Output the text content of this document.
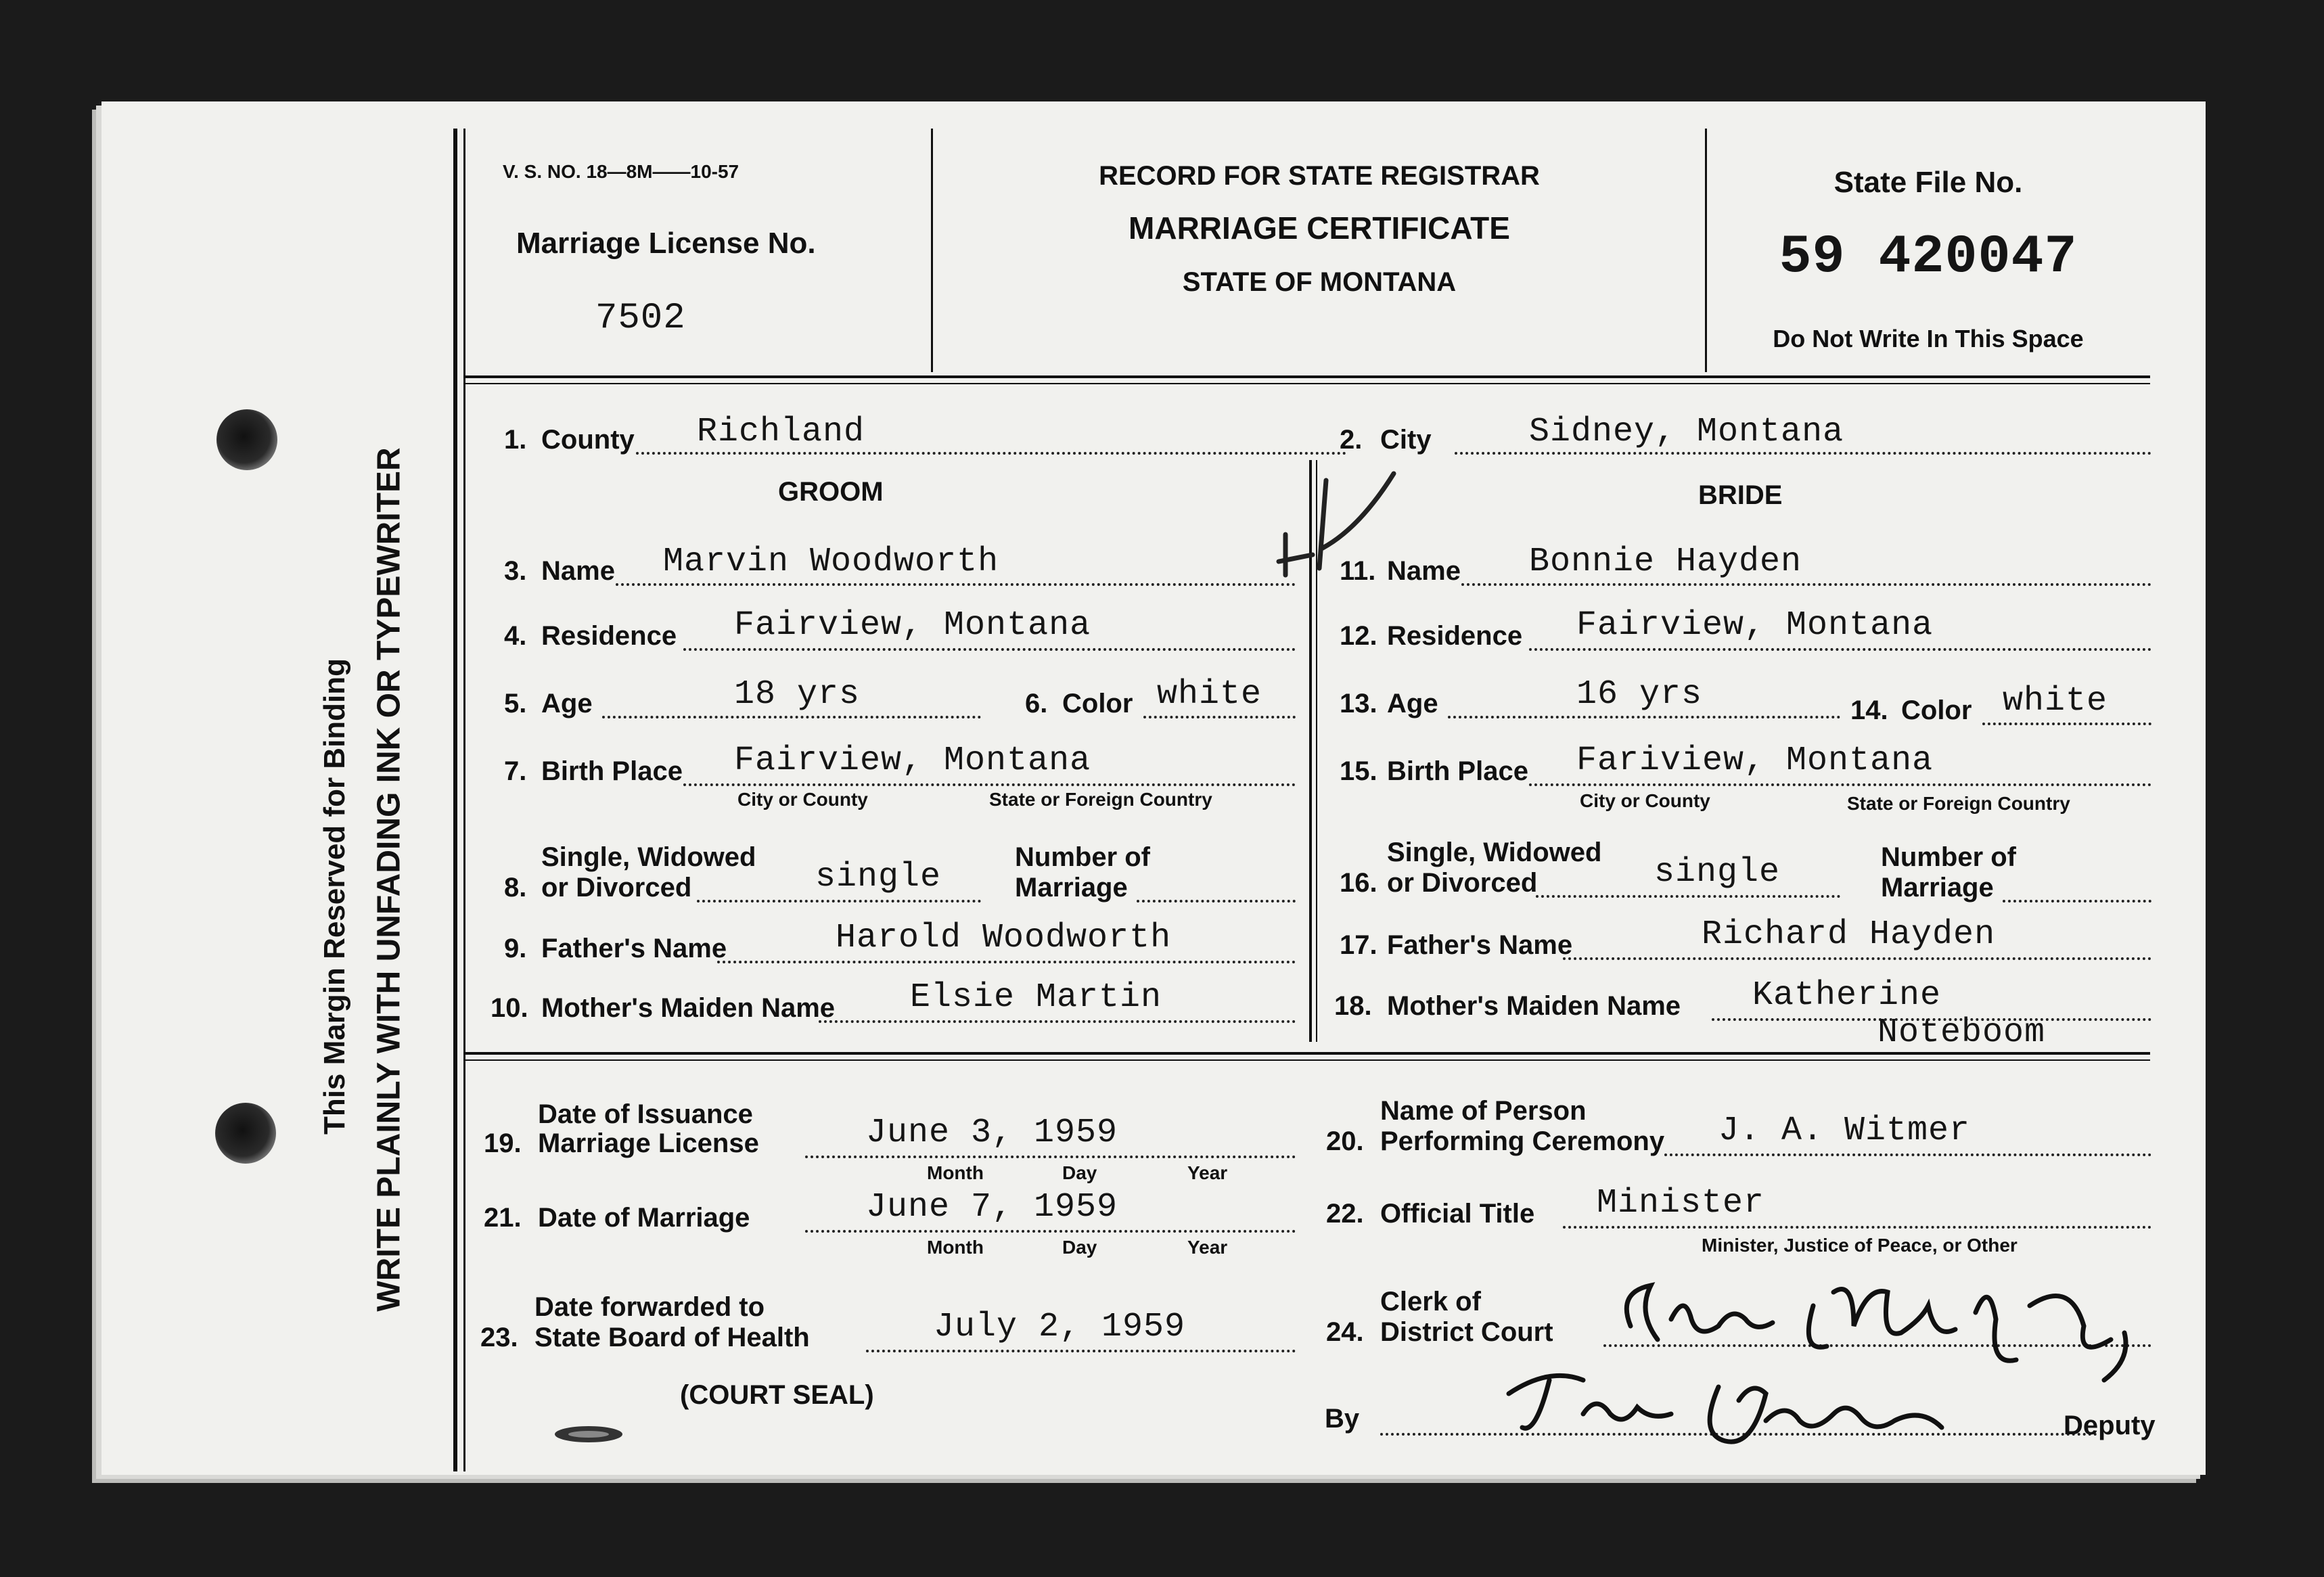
This Margin Reserved for Binding WRITE PLAINLY WITH UNFADING INK OR TYPEWRITER
V. S. NO. 18—8M——10-57
Marriage License No.
7502
RECORD FOR STATE REGISTRAR
MARRIAGE CERTIFICATE
STATE OF MONTANA
State File No.
59 420047
Do Not Write In This Space
1. County Richland	2. City	Sidney, Montana
GROOM	BRIDE
3. Name Marvin Woodworth
4. Residence Fairview, Montana
5. Age	18 yrs	6. Color white
7. Birth Place Fairview, Montana
City or County	State or Foreign Country
Single, Widowed
8. or Divorced	single
Number of
Marriage
9. Father's Name	Harold Woodworth
10. Mother's Maiden Name Elsie Martin
11. Name Bonnie Hayden
12. Residence Fairview, Montana
13. Age	16 yrs	14. Color white
15. Birth Place Fariview, Montana
City or County	State or Foreign Country
Single, Widowed
16. or Divorced	single	Number of
Marriage
17. Father's Name	Richard Hayden
18. Mother's Maiden Name Katherine
Noteboom
Date of Issuance
19. Marriage License	June 3, 1959
Month	Day	Year
Name of Person
20. Performing Ceremony J. A. Witmer
21. Date of Marriage	June 7, 1959
Month	Day	Year
22. Official Title Minister
Minister, Justice of Peace, or Other
Date forwarded to
23. State Board of Health	July 2, 1959
Clerk of
24. District Court
(COURT SEAL)
By	Deputy
